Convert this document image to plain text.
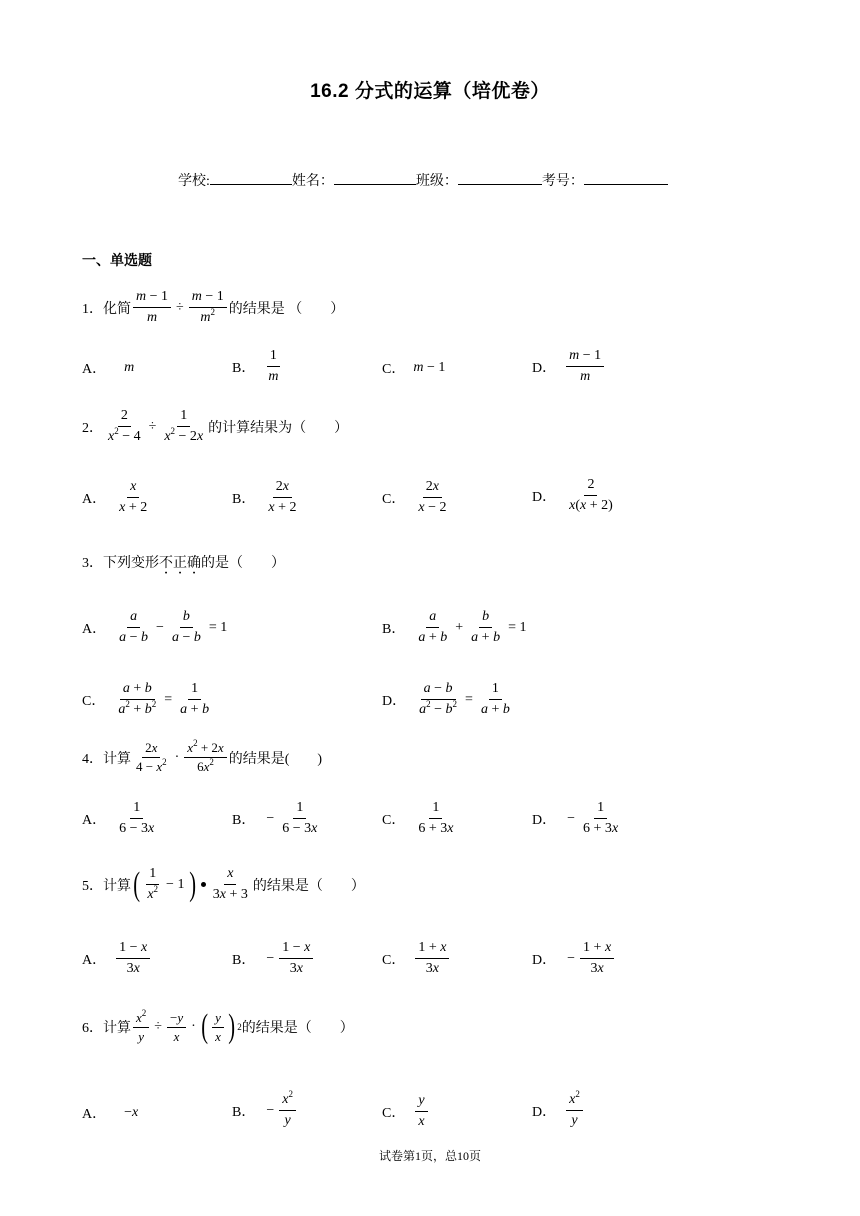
16.2 分式的运算（培优卷）
学校:	姓名：	班级：	考号：
一、单选题
1． 化简 $\frac{m - 1}{m} \div \frac{m - 1}{m^2}$ 的结果是 （　　）
A． m	B．
1
m	C． m − 1	D．
m − 1
m
2． $\frac{2}{x^2 - 4} \div \frac{1}{x^2 - 2x}$ 的计算结果为（　　）
A．
x
x + 2
B．
2x
x + 2
C．
2x
x − 2
D．
2
x(x + 2)
3． 下列变形 不 · 正 · 确 · 的是（　　）
A．
a
a − b
− $\frac{b}{a - b} = 1$	B．
a
a + b
+ $\frac{b}{a + b} = 1$
C． $\frac{a + b}{a^2 + b^2} = \frac{1}{a + b}$	D． $\frac{a - b}{a^2 - b^2} = \frac{1}{a + b}$
4． 计算
2x
$4 - x^2$ ·
$x^2 + 2x$
$6x^2$ 的结果是(　　)
A．
1
6 − 3x
B． − $\frac{1}{6 - 3x}$	C．
1
6 + 3x
D． − $\frac{1}{6 + 3x}$
5． 计算 ( 1
$x^2 - 1$ ) x
3x + 3
的结果是（　　）
A．
1 − x
3x
B． − $\frac{1 - x}{3x}$	C．
1 + x
3x
D． − $\frac{1 + x}{3x}$
6． 计算 $\frac{x^2}{y} \div \frac{-y}{x}$ · ( y
x ) 2 的结果是（　　）
A． −x	B． − $\frac{x^2}{y}$	C．
y
x
D．
$x^2$
y
试卷第1页，总10页
